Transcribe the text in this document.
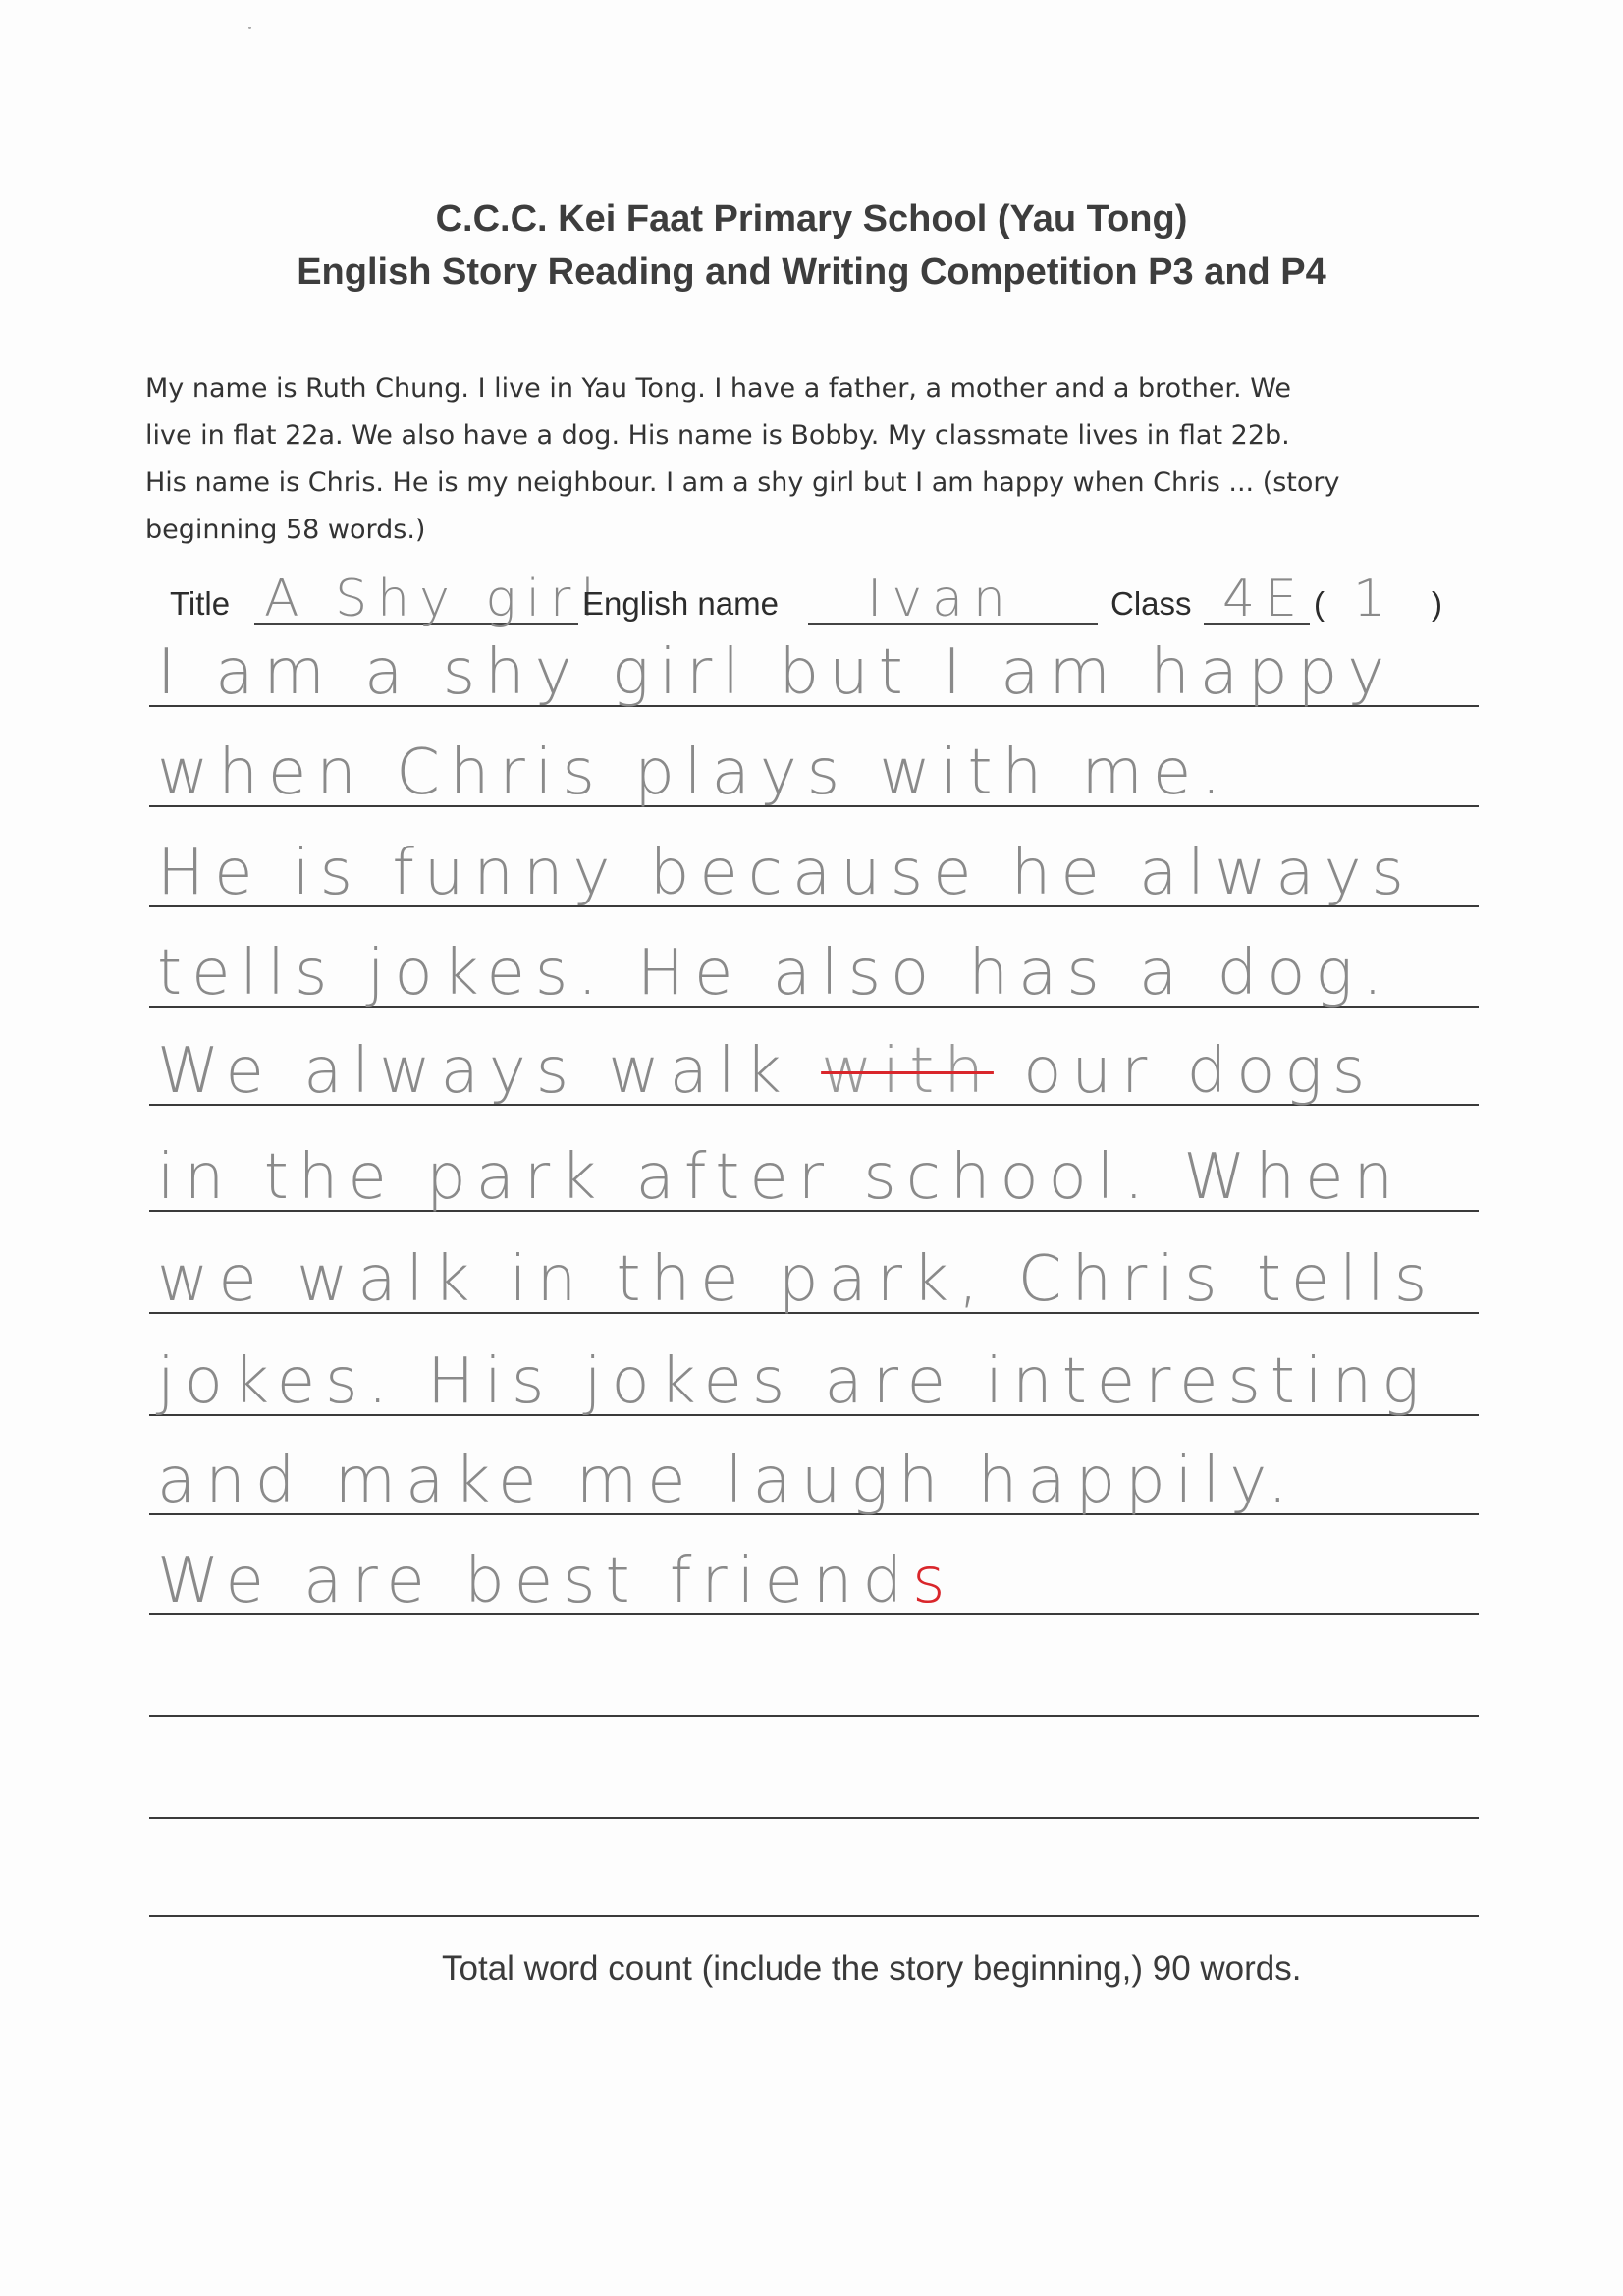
C.C.C. Kei Faat Primary School (Yau Tong)
English Story Reading and Writing Competition P3 and P4
My name is Ruth Chung. I live in Yau Tong. I have a father, a mother and a brother. We
live in flat 22a. We also have a dog. His name is Bobby. My classmate lives in flat 22b.
His name is Chris. He is my neighbour. I am a shy girl but I am happy when Chris ... (story
beginning 58 words.)
Title A Shy girl
English name Ivan	Class 4E ( 1 )
I am a shy girl but I am happy
when Chris plays with me.
He is funny because he always
tells jokes. He also has a dog.
We always walk with our dogs
in the park after school. When
we walk in the park, Chris tells
jokes. His jokes are interesting
and make me laugh happily.
We are best friends
Total word count (include the story beginning,) 90 words.
